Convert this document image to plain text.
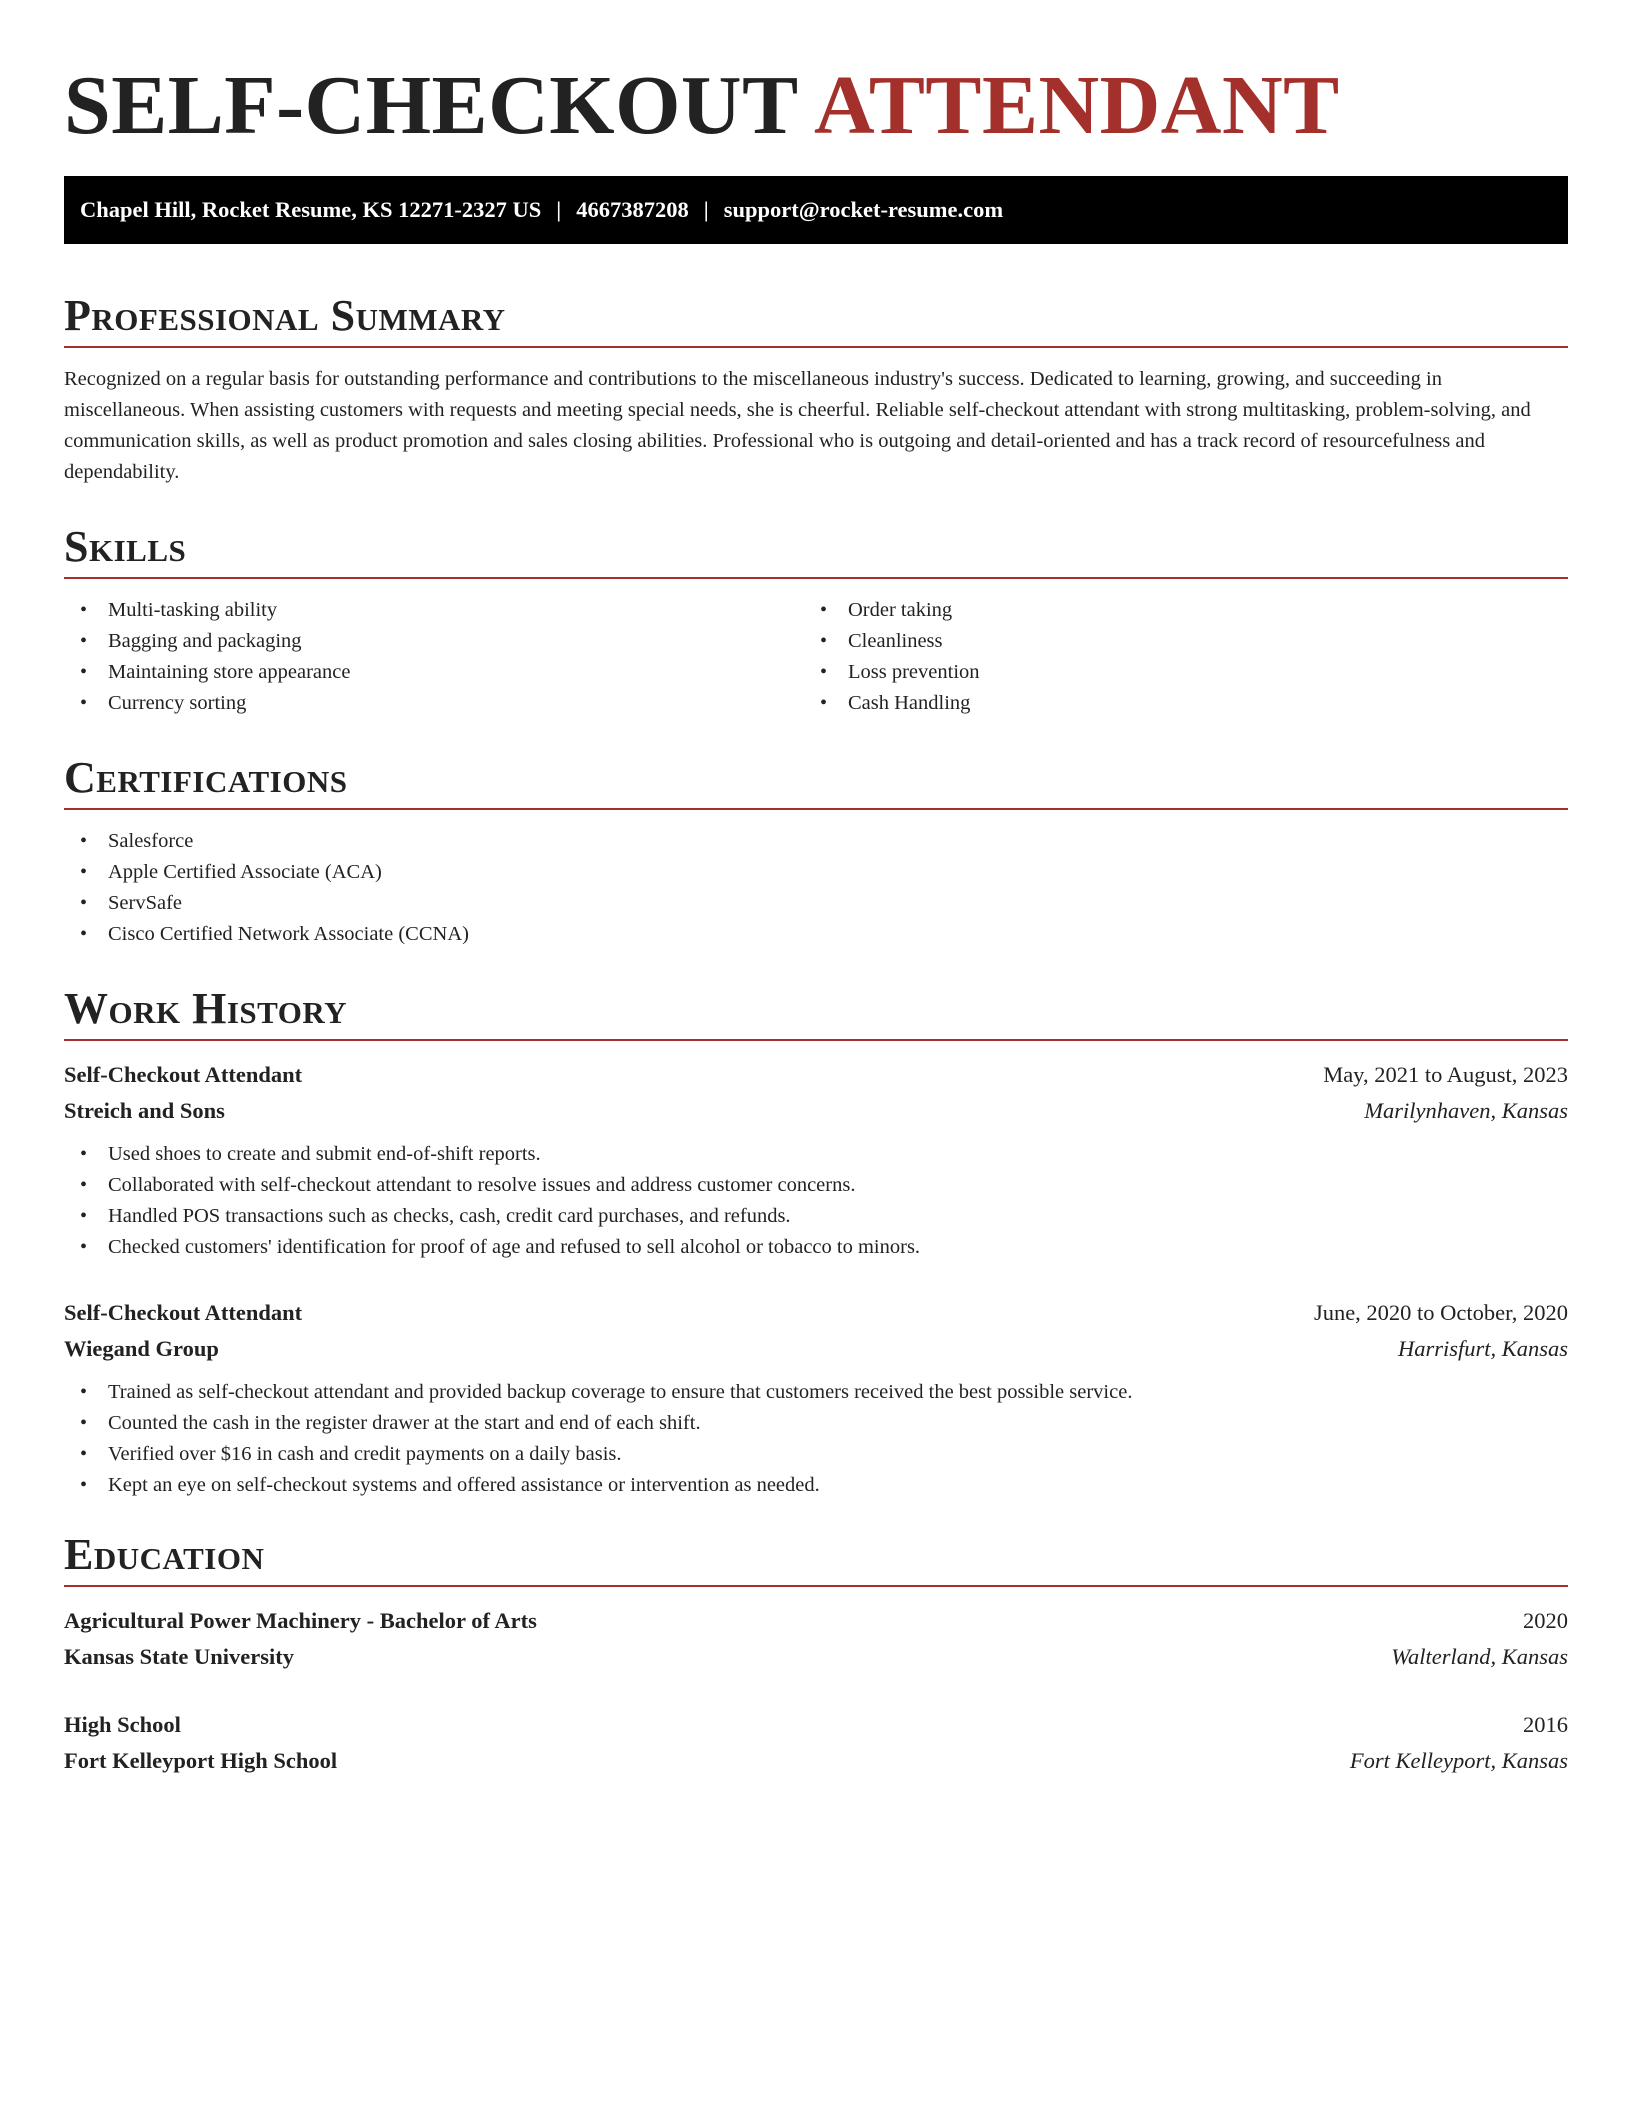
SELF-CHECKOUT ATTENDANT
Chapel Hill, Rocket Resume, KS 12271-2327 US | 4667387208 | support@rocket-resume.com
Professional Summary

Recognized on a regular basis for outstanding performance and contributions to the miscellaneous industry's success. Dedicated to learning, growing, and succeeding in miscellaneous. When assisting customers with requests and meeting special needs, she is cheerful. Reliable self-checkout attendant with strong multitasking, problem-solving, and communication skills, as well as product promotion and sales closing abilities. Professional who is outgoing and detail-oriented and has a track record of resourcefulness and dependability.

Skills
• Multi-tasking ability
• Bagging and packaging
• Maintaining store appearance
• Currency sorting
• Order taking
• Cleanliness
• Loss prevention
• Cash Handling
Certifications
• Salesforce
• Apple Certified Associate (ACA)
• ServSafe
• Cisco Certified Network Associate (CCNA)
Work History
Self-Checkout Attendant	May, 2021 to August, 2023
Streich and Sons	Marilynhaven, Kansas
• Used shoes to create and submit end-of-shift reports.
• Collaborated with self-checkout attendant to resolve issues and address customer concerns.
• Handled POS transactions such as checks, cash, credit card purchases, and refunds.
• Checked customers' identification for proof of age and refused to sell alcohol or tobacco to minors.
Self-Checkout Attendant	June, 2020 to October, 2020
Wiegand Group	Harrisfurt, Kansas
• Trained as self-checkout attendant and provided backup coverage to ensure that customers received the best possible service.
• Counted the cash in the register drawer at the start and end of each shift.
• Verified over $16 in cash and credit payments on a daily basis.
• Kept an eye on self-checkout systems and offered assistance or intervention as needed.
Education
Agricultural Power Machinery - Bachelor of Arts	2020
Kansas State University	Walterland, Kansas
High School	2016
Fort Kelleyport High School	Fort Kelleyport, Kansas
